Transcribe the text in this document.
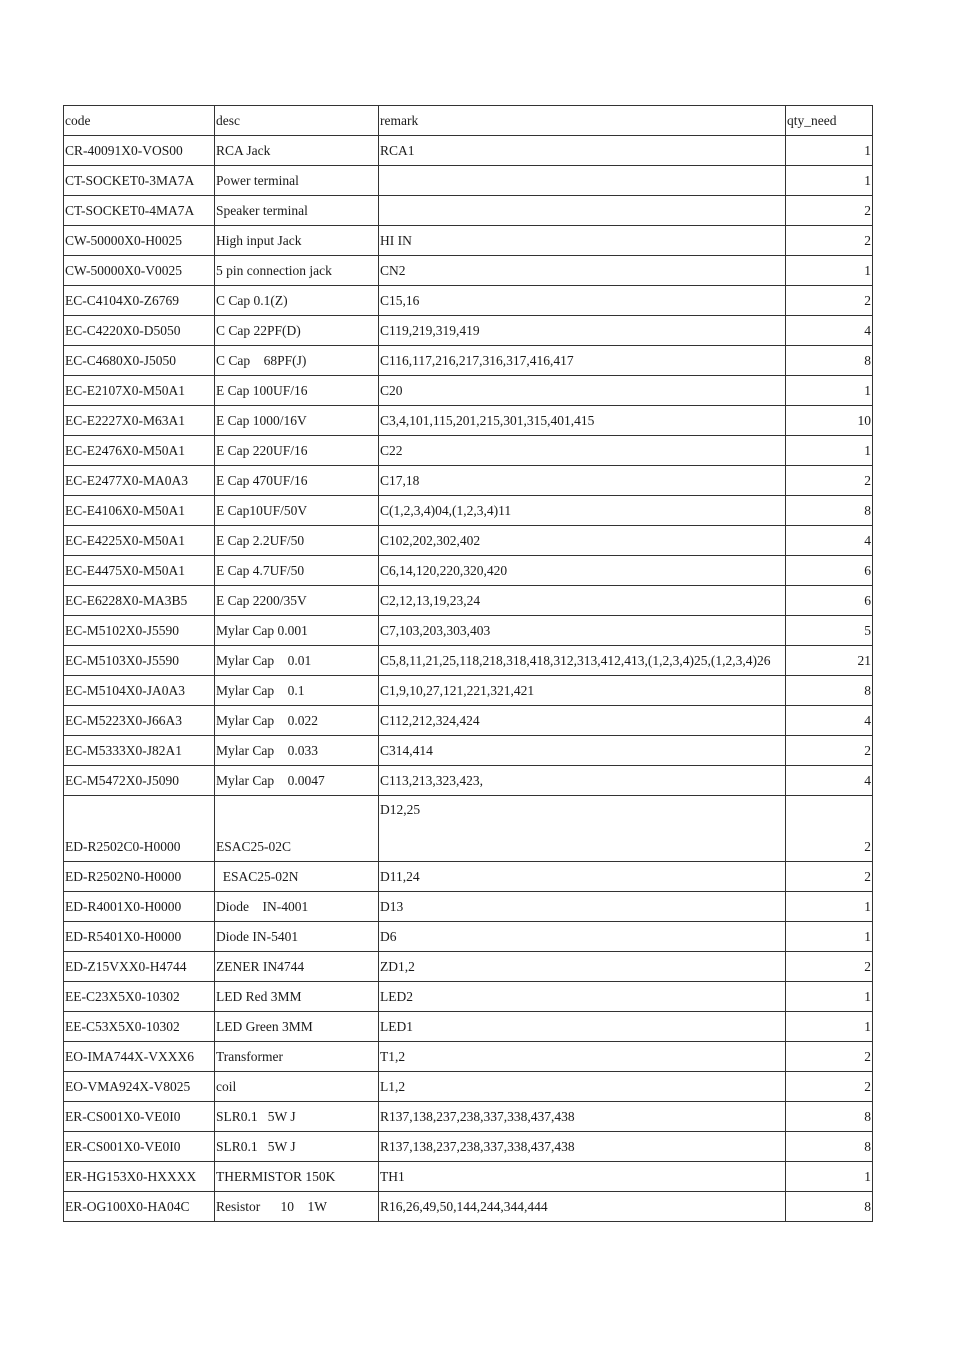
code	desc	remark	qty_need
CR-40091X0-VOS00	RCA Jack	RCA1	1
CT-SOCKET0-3MA7A	Power terminal		1
CT-SOCKET0-4MA7A	Speaker terminal		2
CW-50000X0-H0025	High input Jack	HI IN	2
CW-50000X0-V0025	5 pin connection jack	CN2	1
EC-C4104X0-Z6769	C Cap 0.1(Z)	C15,16	2
EC-C4220X0-D5050	C Cap 22PF(D)	C119,219,319,419	4
EC-C4680X0-J5050	C Cap    68PF(J)	C116,117,216,217,316,317,416,417	8
EC-E2107X0-M50A1	E Cap 100UF/16	C20	1
EC-E2227X0-M63A1	E Cap 1000/16V	C3,4,101,115,201,215,301,315,401,415	10
EC-E2476X0-M50A1	E Cap 220UF/16	C22	1
EC-E2477X0-MA0A3	E Cap 470UF/16	C17,18	2
EC-E4106X0-M50A1	E Cap10UF/50V	C(1,2,3,4)04,(1,2,3,4)11	8
EC-E4225X0-M50A1	E Cap 2.2UF/50	C102,202,302,402	4
EC-E4475X0-M50A1	E Cap 4.7UF/50	C6,14,120,220,320,420	6
EC-E6228X0-MA3B5	E Cap 2200/35V	C2,12,13,19,23,24	6
EC-M5102X0-J5590	Mylar Cap 0.001	C7,103,203,303,403	5
EC-M5103X0-J5590	Mylar Cap    0.01	C5,8,11,21,25,118,218,318,418,312,313,412,413,(1,2,3,4)25,(1,2,3,4)26	21
EC-M5104X0-JA0A3	Mylar Cap    0.1	C1,9,10,27,121,221,321,421	8
EC-M5223X0-J66A3	Mylar Cap    0.022	C112,212,324,424	4
EC-M5333X0-J82A1	Mylar Cap    0.033	C314,414	2
EC-M5472X0-J5090	Mylar Cap    0.0047	C113,213,323,423,	4
ED-R2502C0-H0000	ESAC25-02C	D12,25	2
ED-R2502N0-H0000	ESAC25-02N	D11,24	2
ED-R4001X0-H0000	Diode    IN-4001	D13	1
ED-R5401X0-H0000	Diode IN-5401	D6	1
ED-Z15VXX0-H4744	ZENER IN4744	ZD1,2	2
EE-C23X5X0-10302	LED Red 3MM	LED2	1
EE-C53X5X0-10302	LED Green 3MM	LED1	1
EO-IMA744X-VXXX6	Transformer	T1,2	2
EO-VMA924X-V8025	coil	L1,2	2
ER-CS001X0-VE0I0	SLR0.1   5W J	R137,138,237,238,337,338,437,438	8
ER-CS001X0-VE0I0	SLR0.1   5W J	R137,138,237,238,337,338,437,438	8
ER-HG153X0-HXXXX	THERMISTOR 150K	TH1	1
ER-OG100X0-HA04C	Resistor      10    1W	R16,26,49,50,144,244,344,444	8
